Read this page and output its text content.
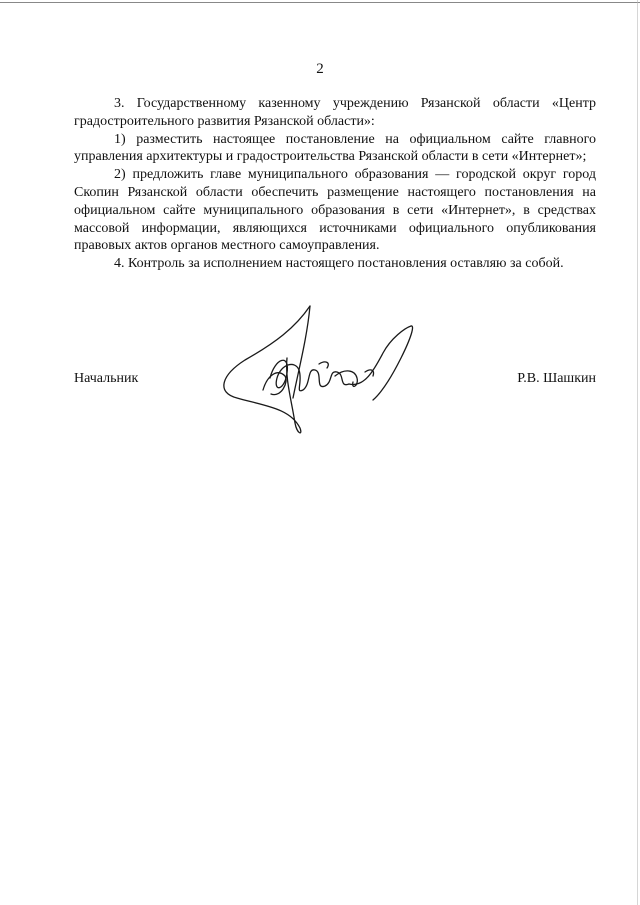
2

3. Государственному казенному учреждению Рязанской области «Центр градостроительного развития Рязанской области»:

1) разместить настоящее постановление на официальном сайте главного управления архитектуры и градостроительства Рязанской области в сети «Интернет»;

2) предложить главе муниципального образования — городской округ город Скопин Рязанской области обеспечить размещение настоящего постановления на официальном сайте муниципального образования в сети «Интернет», в средствах массовой информации, являющихся источниками официального опубликования правовых актов органов местного самоуправления.

4. Контроль за исполнением настоящего постановления оставляю за собой.

Начальник	Р.В. Шашкин
